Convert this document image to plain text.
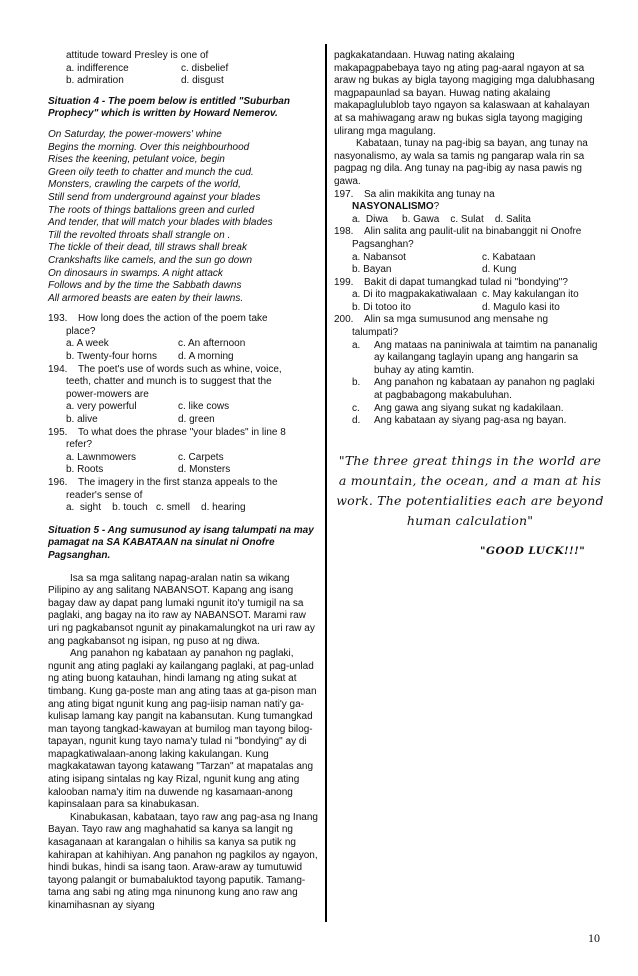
attitude toward Presley is one of

a. indifference	c. disbelief
b. admiration	d. disgust

Situation 4 - The poem below is entitled "Suburban Prophecy" which is written by Howard Nemerov.

On Saturday, the power-mowers' whine

Begins the morning. Over this neighbourhood

Rises the keening, petulant voice, begin

Green oily teeth to chatter and munch the cud.

Monsters, crawling the carpets of the world,

Still send from underground against your blades

The roots of things battalions green and curled

And tender, that will match your blades with blades

Till the revolted throats shall strangle on .

The tickle of their dead, till straws shall break

Crankshafts like camels, and the sun go down

On dinosaurs in swamps. A night attack

Follows and by the time the Sabbath dawns

All armored beasts are eaten by their lawns.

193.	How long does the action of the poem take

place?

a. A week	c. An afternoon
b. Twenty-four horns	d. A morning
194.	The poet's use of words such as whine, voice,

teeth, chatter and munch is to suggest that the

power-mowers are

a. very powerful	c. like cows
b. alive	d. green
195.	To what does the phrase "your blades" in line 8

refer?

a. Lawnmowers	c. Carpets
b. Roots	d. Monsters
196.	The imagery in the first stanza appeals to the

reader's sense of

a.  sight    b. touch   c. smell    d. hearing

Situation 5 - Ang sumusunod ay isang talumpati na may pamagat na SA KABATAAN na sinulat ni Onofre Pagsanghan.

Isa sa mga salitang napag-aralan natin sa wikang Pilipino ay ang salitang NABANSOT. Kapang ang isang bagay daw ay dapat pang lumaki ngunit ito'y tumigil na sa paglaki, ang bagay na ito raw ay NABANSOT. Marami raw uri ng pagkabansot ngunit ay pinakamalungkot na uri raw ay ang pagkabansot ng isipan, ng puso at ng diwa.

Ang panahon ng kabataan ay panahon ng paglaki, ngunit ang ating paglaki ay kailangang paglaki, at pag-unlad ng ating buong katauhan, hindi lamang ng ating sukat at timbang. Kung ga-poste man ang ating taas at ga-pison man ang ating bigat ngunit kung ang pag-iisip naman nati'y ga-kulisap lamang kay pangit na kabansutan. Kung tumangkad man tayong tangkad-kawayan at bumilog man tayong bilog-tapayan, ngunit kung tayo nama'y tulad ni "bondying" ay di mapagkatiwalaan-anong laking kakulangan. Kung magkakatawan tayong katawang "Tarzan" at mapatalas ang ating isipang sintalas ng kay Rizal, ngunit kung ang ating kalooban nama'y itim na duwende ng kasamaan-anong kapinsalaan para sa kinabukasan.

Kinabukasan, kabataan, tayo raw ang pag-asa ng Inang Bayan. Tayo raw ang maghahatid sa kanya sa langit ng kasaganaan at karangalan o hihilis sa kanya sa putik ng kahirapan at kahihiyan. Ang panahon ng pagkilos ay ngayon, hindi bukas, hindi sa isang taon. Araw-araw ay tumutuwid tayong palangit or bumabaluktod tayong paputik. Tamang-tama ang sabi ng ating mga ninunong kung ano raw ang kinamihasnan ay siyang

pagkakatandaan. Huwag nating akalaing makapagpabebaya tayo ng ating pag-aaral ngayon at sa araw ng bukas ay bigla tayong magiging mga dalubhasang magpapaunlad sa bayan. Huwag nating akalaing makapaglulublob tayo ngayon sa kalaswaan at kahalayan at sa mahiwagang araw ng bukas sigla tayong magiging ulirang mga magulang.

Kabataan, tunay na pag-ibig sa bayan, ang tunay na nasyonalismo, ay wala sa tamis ng pangarap wala rin sa pagpag ng dila. Ang tunay na pag-ibig ay nasa pawis ng gawa.

197.	Sa alin makikita ang tunay na

NASYONALISMO?

a.  Diwa     b. Gawa    c. Sulat    d. Salita

198.	Alin salita ang paulit-ulit na binabanggit ni Onofre

Pagsanghan?

a. Nabansot	c. Kabataan
b. Bayan	d. Kung
199.	Bakit di dapat tumangkad tulad ni "bondying"?
a. Di ito magpakakatiwalaan c. May kakulangan ito
b. Di totoo ito	d. Magulo kasi ito
200.	Alin sa mga sumusunod ang mensahe ng

talumpati?

a.	Ang mataas na paniniwala at taimtim na pananalig ay kailangang taglayin upang ang hangarin sa buhay ay ating kamtin.
b.	Ang panahon ng kabataan ay panahon ng paglaki at pagbabagong makabuluhan.
c.	Ang gawa ang siyang sukat ng kadakilaan.
d.	Ang kabataan ay siyang pag-asa ng bayan.
"The three great things in the world are a mountain, the ocean, and a man at his work. The potentialities each are beyond human calculation"
"GOOD LUCK!!!"
10
